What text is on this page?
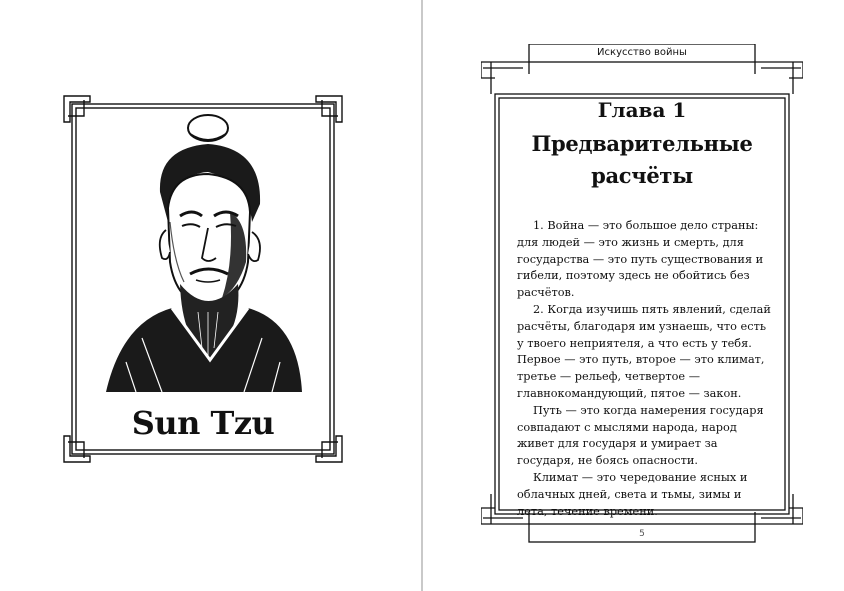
Sun Tzu
Искусство войны
Глава 1
Предварительные расчёты

1. Война — это большое дело страны: для людей — это жизнь и смерть, для государства — это путь существования и гибели, поэтому здесь не обойтись без расчётов.

2. Когда изучишь пять явлений, сделай расчёты, благодаря им узнаешь, что есть у твоего неприятеля, а что есть у тебя. Первое — это путь, второе — это климат, третье — рельеф, четвертое — главнокомандующий, пятое — закон.

Путь — это когда намерения государя совпадают с мыслями народа, народ живет для государя и умирает за государя, не боясь опасности.

Климат — это чередование ясных и облачных дней, света и тьмы, зимы и лета, течение времени.

5
